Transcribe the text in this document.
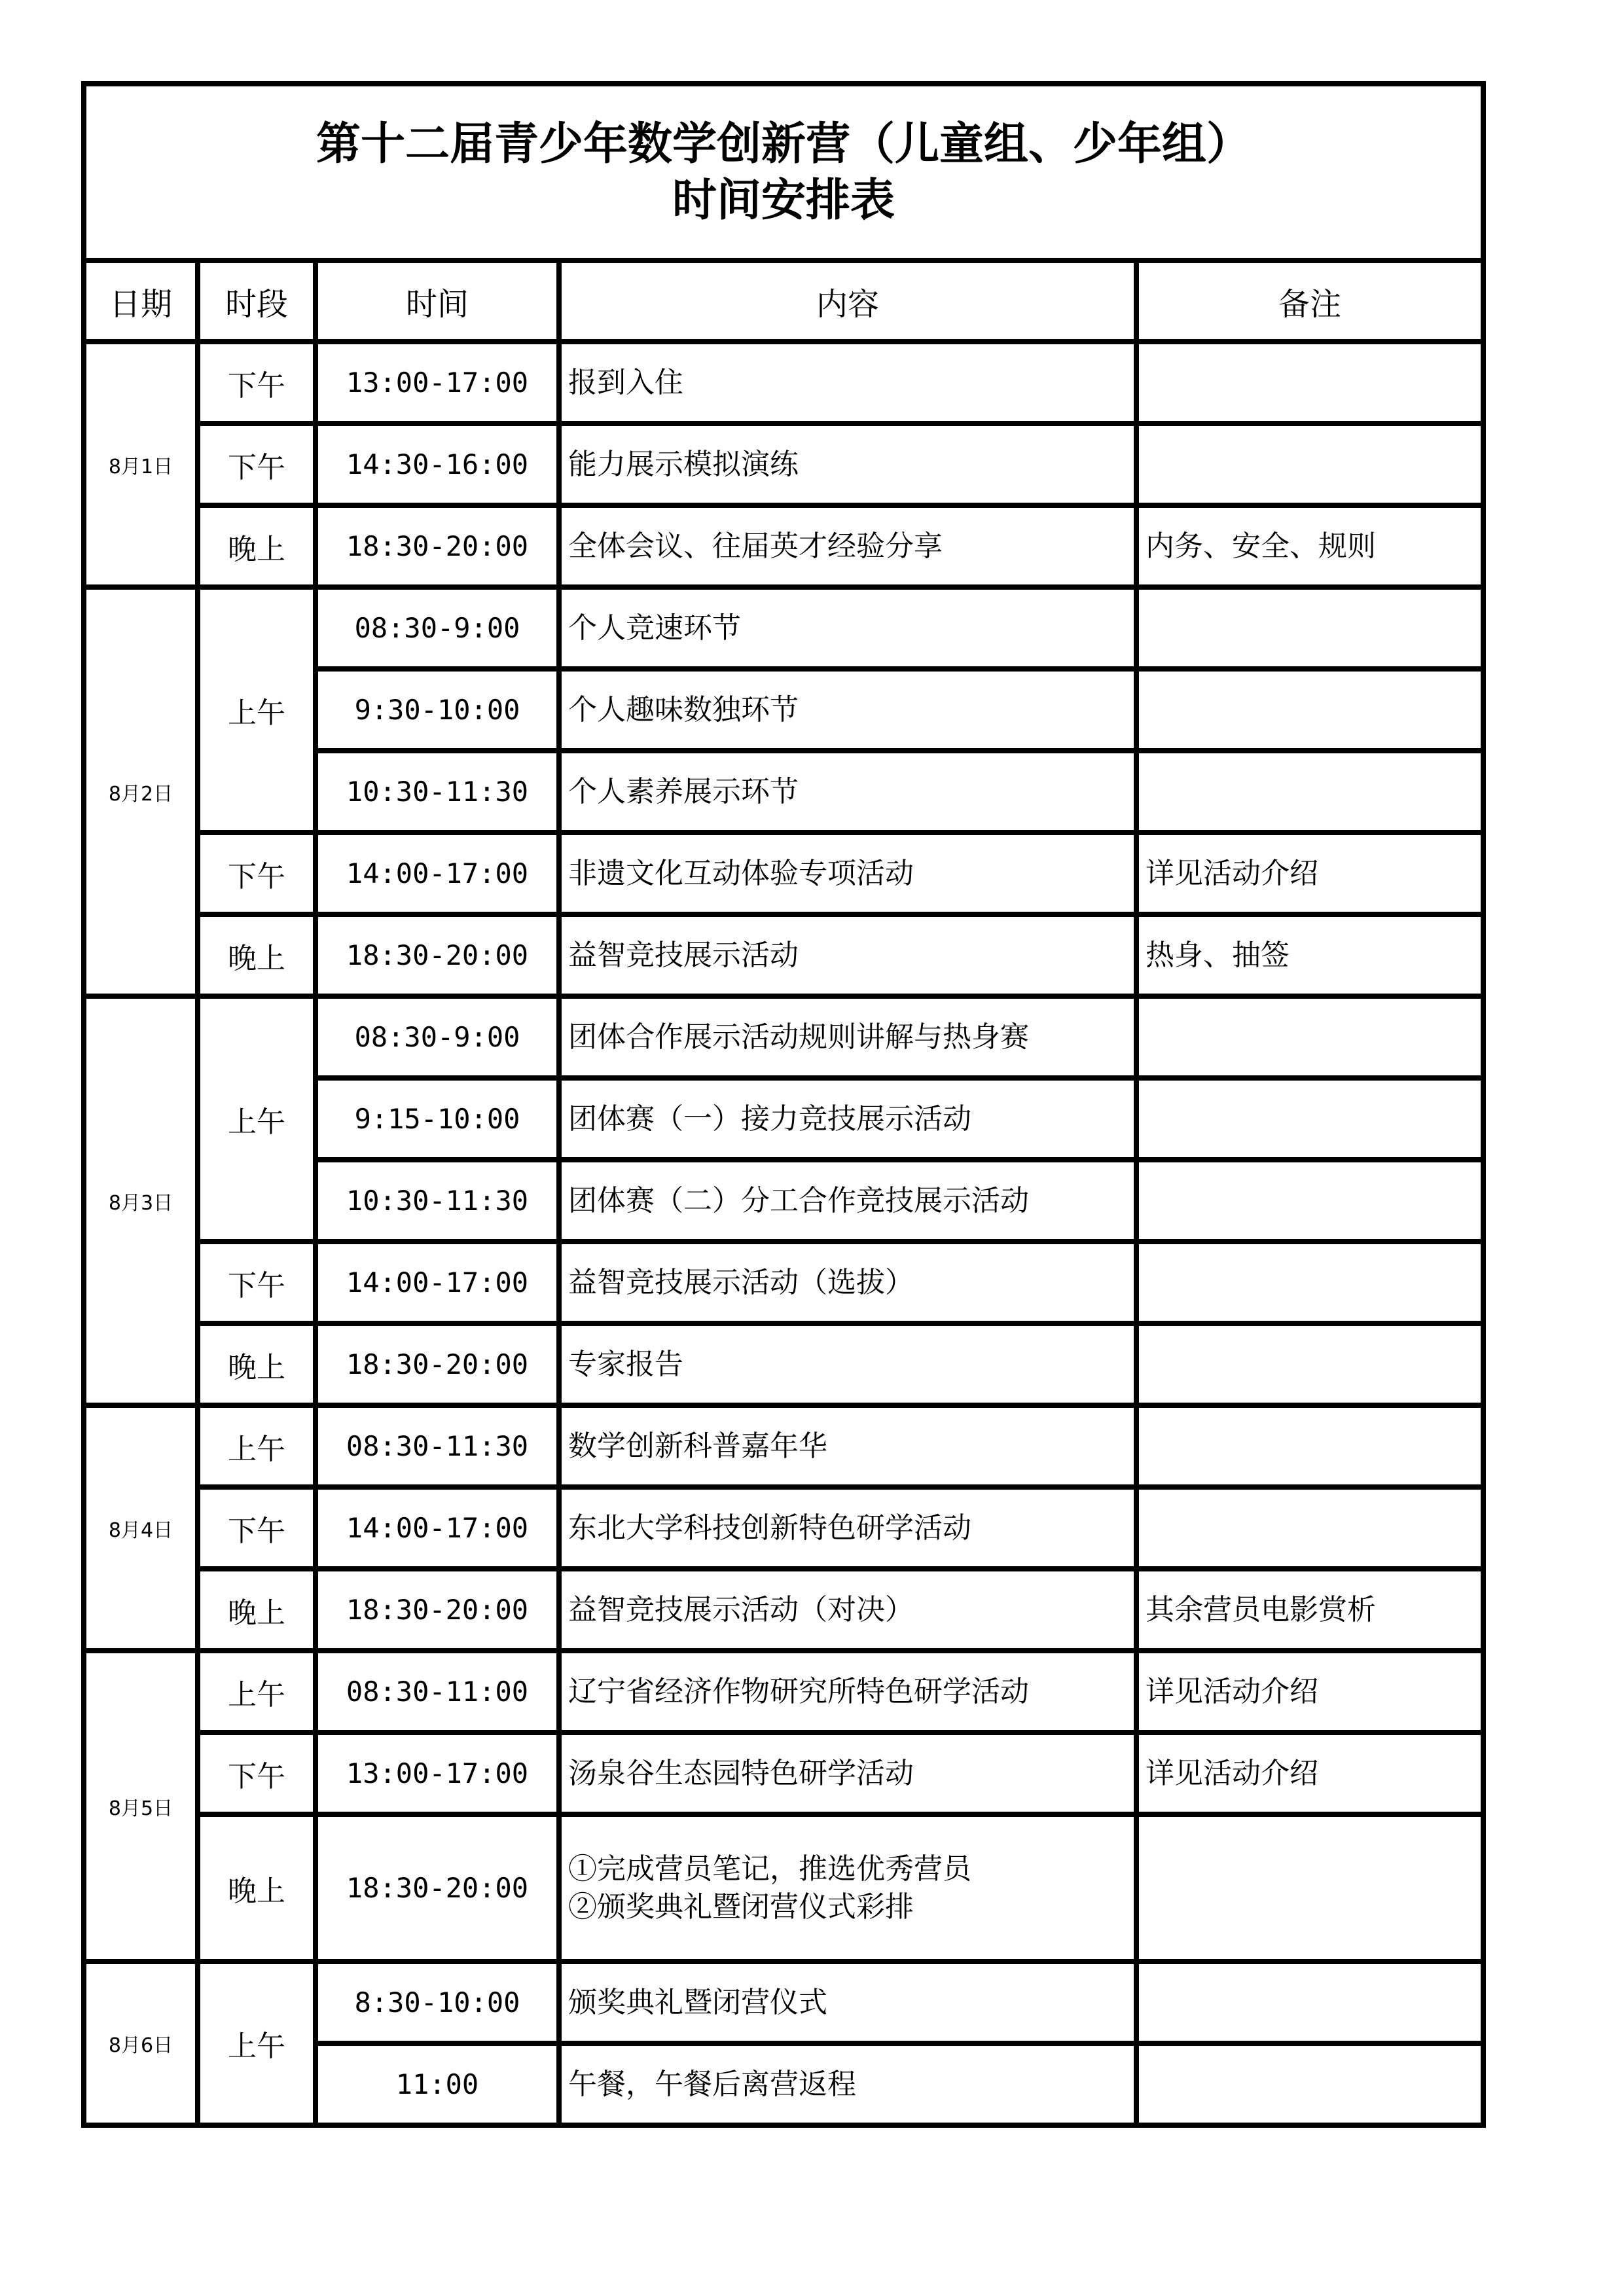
第十二届青少年数学创新营（儿童组、少年组）
时间安排表
日期	时段	时间	内容	备注
8月1日	下午	13:00-17:00	报到入住	
	下午	14:30-16:00	能力展示模拟演练	
	晚上	18:30-20:00	全体会议、往届英才经验分享	内务、安全、规则
8月2日	上午	08:30-9:00	个人竞速环节	
		9:30-10:00	个人趣味数独环节	
		10:30-11:30	个人素养展示环节	
	下午	14:00-17:00	非遗文化互动体验专项活动	详见活动介绍
	晚上	18:30-20:00	益智竞技展示活动	热身、抽签
8月3日	上午	08:30-9:00	团体合作展示活动规则讲解与热身赛	
		9:15-10:00	团体赛（一）接力竞技展示活动	
		10:30-11:30	团体赛（二）分工合作竞技展示活动	
	下午	14:00-17:00	益智竞技展示活动（选拔）	
	晚上	18:30-20:00	专家报告	
8月4日	上午	08:30-11:30	数学创新科普嘉年华	
	下午	14:00-17:00	东北大学科技创新特色研学活动	
	晚上	18:30-20:00	益智竞技展示活动（对决）	其余营员电影赏析
8月5日	上午	08:30-11:00	辽宁省经济作物研究所特色研学活动	详见活动介绍
	下午	13:00-17:00	汤泉谷生态园特色研学活动	详见活动介绍
	晚上	18:30-20:00	①完成营员笔记，推选优秀营员
②颁奖典礼暨闭营仪式彩排	
8月6日	上午	8:30-10:00	颁奖典礼暨闭营仪式	
		11:00	午餐，午餐后离营返程	
